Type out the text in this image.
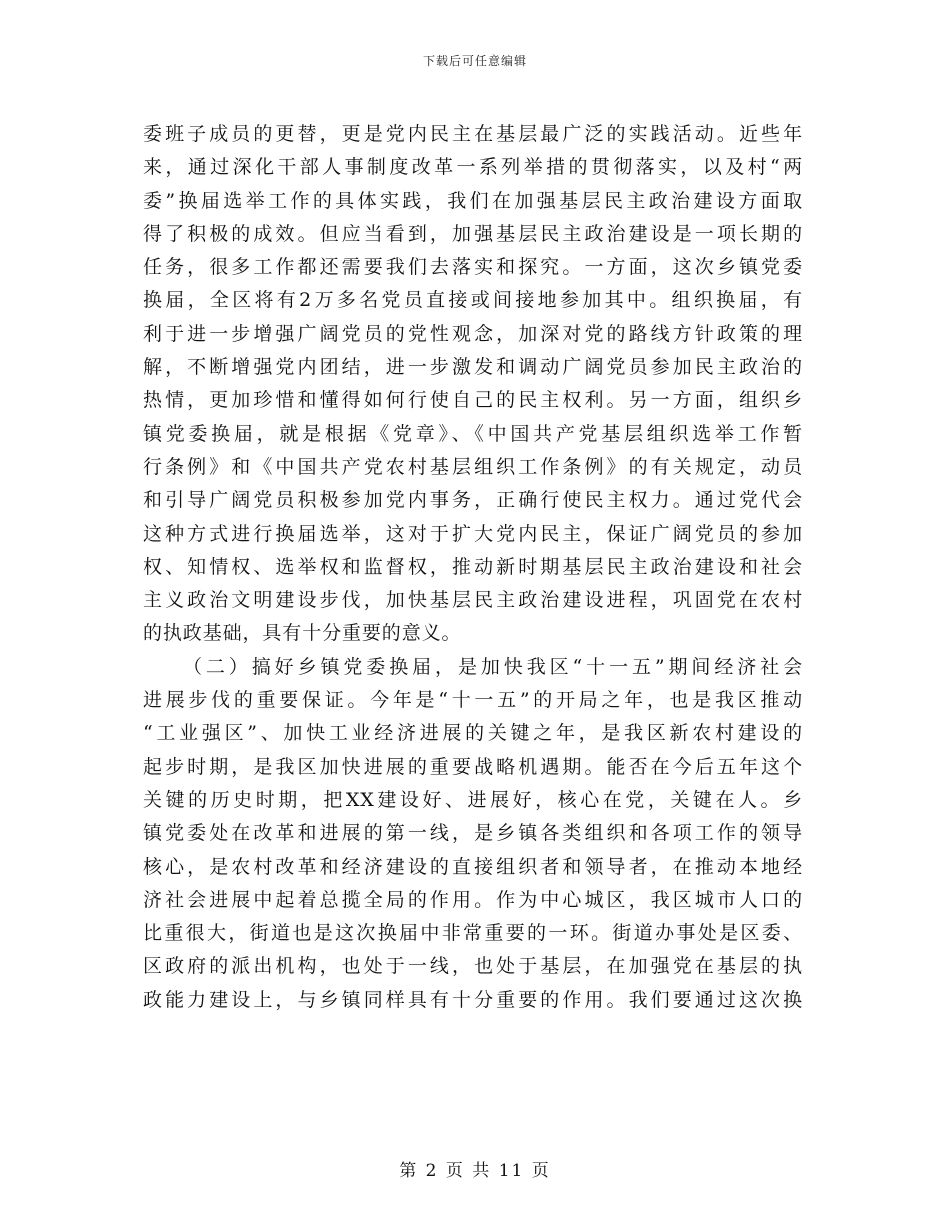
下载后可任意编辑
委班子成员的更替，更是党内民主在基层最广泛的实践活动。近些年
来，通过深化干部人事制度改革一系列举措的贯彻落实，以及村“两
委”换届选举工作的具体实践，我们在加强基层民主政治建设方面取
得了积极的成效。但应当看到，加强基层民主政治建设是一项长期的
任务，很多工作都还需要我们去落实和探究。一方面，这次乡镇党委
换届，全区将有2万多名党员直接或间接地参加其中。组织换届，有
利于进一步增强广阔党员的党性观念，加深对党的路线方针政策的理
解，不断增强党内团结，进一步激发和调动广阔党员参加民主政治的
热情，更加珍惜和懂得如何行使自己的民主权利。另一方面，组织乡
镇党委换届，就是根据《党章》、《中国共产党基层组织选举工作暂
行条例》和《中国共产党农村基层组织工作条例》的有关规定，动员
和引导广阔党员积极参加党内事务，正确行使民主权力。通过党代会
这种方式进行换届选举，这对于扩大党内民主，保证广阔党员的参加
权、知情权、选举权和监督权，推动新时期基层民主政治建设和社会
主义政治文明建设步伐，加快基层民主政治建设进程，巩固党在农村
的执政基础，具有十分重要的意义。
（二）搞好乡镇党委换届，是加快我区“十一五”期间经济社会
进展步伐的重要保证。今年是“十一五”的开局之年，也是我区推动
“工业强区”、加快工业经济进展的关键之年，是我区新农村建设的
起步时期，是我区加快进展的重要战略机遇期。能否在今后五年这个
关键的历史时期，把XX建设好、进展好，核心在党，关键在人。乡
镇党委处在改革和进展的第一线，是乡镇各类组织和各项工作的领导
核心，是农村改革和经济建设的直接组织者和领导者，在推动本地经
济社会进展中起着总揽全局的作用。作为中心城区，我区城市人口的
比重很大，街道也是这次换届中非常重要的一环。街道办事处是区委、
区政府的派出机构，也处于一线，也处于基层，在加强党在基层的执
政能力建设上，与乡镇同样具有十分重要的作用。我们要通过这次换
第 2 页 共 11 页
